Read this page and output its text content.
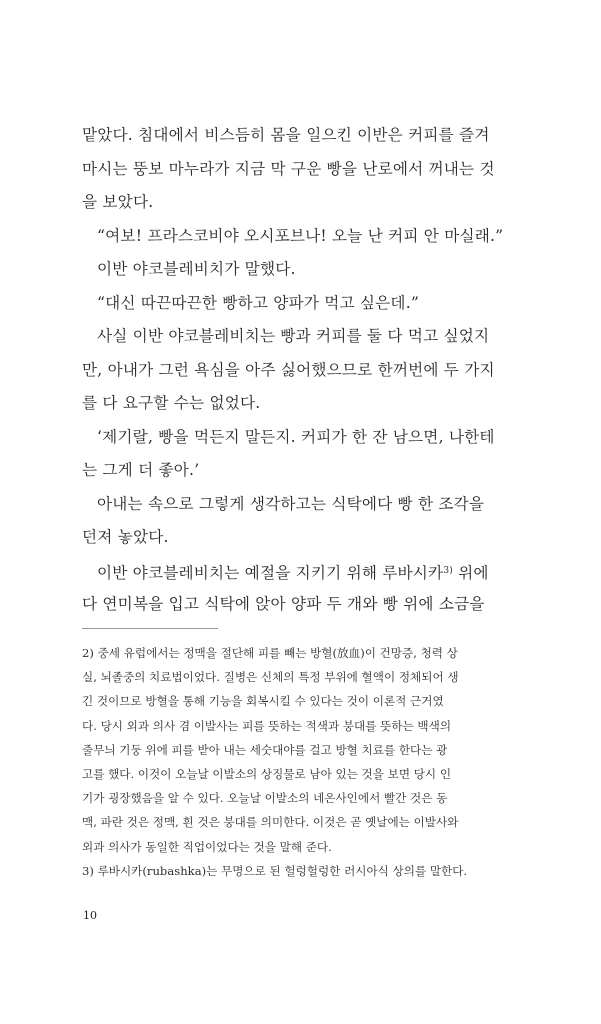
맡았다. 침대에서 비스듬히 몸을 일으킨 이반은 커피를 즐겨
마시는 뚱보 마누라가 지금 막 구운 빵을 난로에서 꺼내는 것
을 보았다.
“여보! 프라스코비야 오시포브나! 오늘 난 커피 안 마실래.”
이반 야코블레비치가 말했다.
“대신 따끈따끈한 빵하고 양파가 먹고 싶은데.”
사실 이반 야코블레비치는 빵과 커피를 둘 다 먹고 싶었지
만, 아내가 그런 욕심을 아주 싫어했으므로 한꺼번에 두 가지
를 다 요구할 수는 없었다.
‘제기랄, 빵을 먹든지 말든지. 커피가 한 잔 남으면, 나한테
는 그게 더 좋아.’
아내는 속으로 그렇게 생각하고는 식탁에다 빵 한 조각을
던져 놓았다.
이반 야코블레비치는 예절을 지키기 위해 루바시카$^{3)}$ 위에
다 연미복을 입고 식탁에 앉아 양파 두 개와 빵 위에 소금을
2) 중세 유럽에서는 정맥을 절단해 피를 빼는 방혈(放血)이 건망증, 청력 상
실, 뇌졸중의 치료법이었다. 질병은 신체의 특정 부위에 혈액이 정체되어 생
긴 것이므로 방혈을 통해 기능을 회복시킬 수 있다는 것이 이론적 근거였
다. 당시 외과 의사 겸 이발사는 피를 뜻하는 적색과 붕대를 뜻하는 백색의
줄무늬 기둥 위에 피를 받아 내는 세숫대야를 걸고 방혈 치료를 한다는 광
고를 했다. 이것이 오늘날 이발소의 상징물로 남아 있는 것을 보면 당시 인
기가 굉장했음을 알 수 있다. 오늘날 이발소의 네온사인에서 빨간 것은 동
맥, 파란 것은 정맥, 흰 것은 붕대를 의미한다. 이것은 곧 옛날에는 이발사와
외과 의사가 동일한 직업이었다는 것을 말해 준다.
3) 루바시카(rubashka)는 무명으로 된 헐렁헐렁한 러시아식 상의를 말한다.
10
